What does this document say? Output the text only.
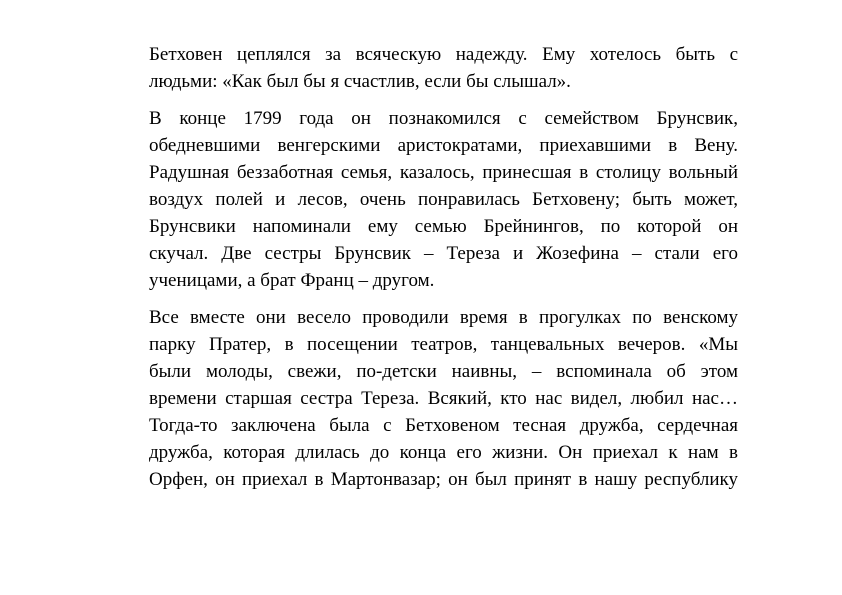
Бетховен цеплялся за всяческую надежду. Ему хотелось быть с
людьми: «Как был бы я счастлив, если бы слышал».
В конце 1799 года он познакомился с семейством Брунсвик,
обедневшими венгерскими аристократами, приехавшими в Вену.
Радушная беззаботная семья, казалось, принесшая в столицу вольный
воздух полей и лесов, очень понравилась Бетховену; быть может,
Брунсвики напоминали ему семью Брейнингов, по которой он
скучал. Две сестры Брунсвик – Тереза и Жозефина – стали его
ученицами, а брат Франц – другом.
Все вместе они весело проводили время в прогулках по венскому
парку Пратер, в посещении театров, танцевальных вечеров. «Мы
были молоды, свежи, по-детски наивны, – вспоминала об этом
времени старшая сестра Тереза. Всякий, кто нас видел, любил нас…
Тогда-то заключена была с Бетховеном тесная дружба, сердечная
дружба, которая длилась до конца его жизни. Он приехал к нам в
Орфен, он приехал в Мартонвазар; он был принят в нашу республику
